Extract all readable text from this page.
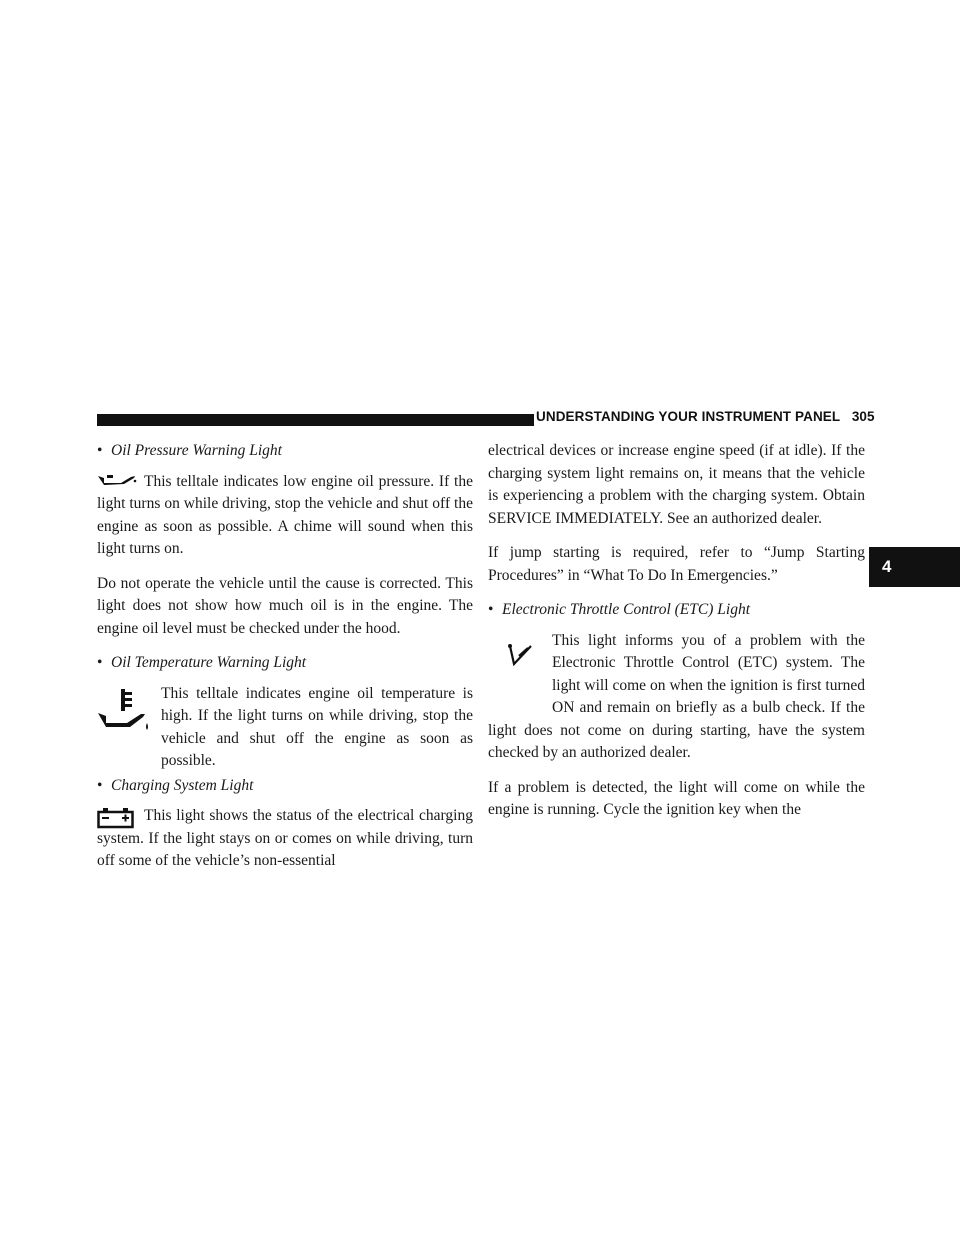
UNDERSTANDING YOUR INSTRUMENT PANEL 305
4
• Oil Pressure Warning Light

This telltale indicates low engine oil pressure. If the light turns on while driving, stop the vehicle and shut off the engine as soon as possible. A chime will sound when this light turns on.

Do not operate the vehicle until the cause is corrected. This light does not show how much oil is in the engine. The engine oil level must be checked under the hood.

• Oil Temperature Warning Light

This telltale indicates engine oil temperature is high. If the light turns on while driving, stop the vehicle and shut off the engine as soon as possible.

• Charging System Light

This light shows the status of the electrical charging system. If the light stays on or comes on while driving, turn off some of the vehicle’s non-essential

electrical devices or increase engine speed (if at idle). If the charging system light remains on, it means that the vehicle is experiencing a problem with the charging system. Obtain SERVICE IMMEDIATELY. See an authorized dealer.

If jump starting is required, refer to “Jump Starting Procedures” in “What To Do In Emergencies.”

• Electronic Throttle Control (ETC) Light

This light informs you of a problem with the Electronic Throttle Control (ETC) system. The light will come on when the ignition is first turned ON and remain on briefly as a bulb check. If the light does not come on during starting, have the system checked by an authorized dealer.

If a problem is detected, the light will come on while the engine is running. Cycle the ignition key when the
